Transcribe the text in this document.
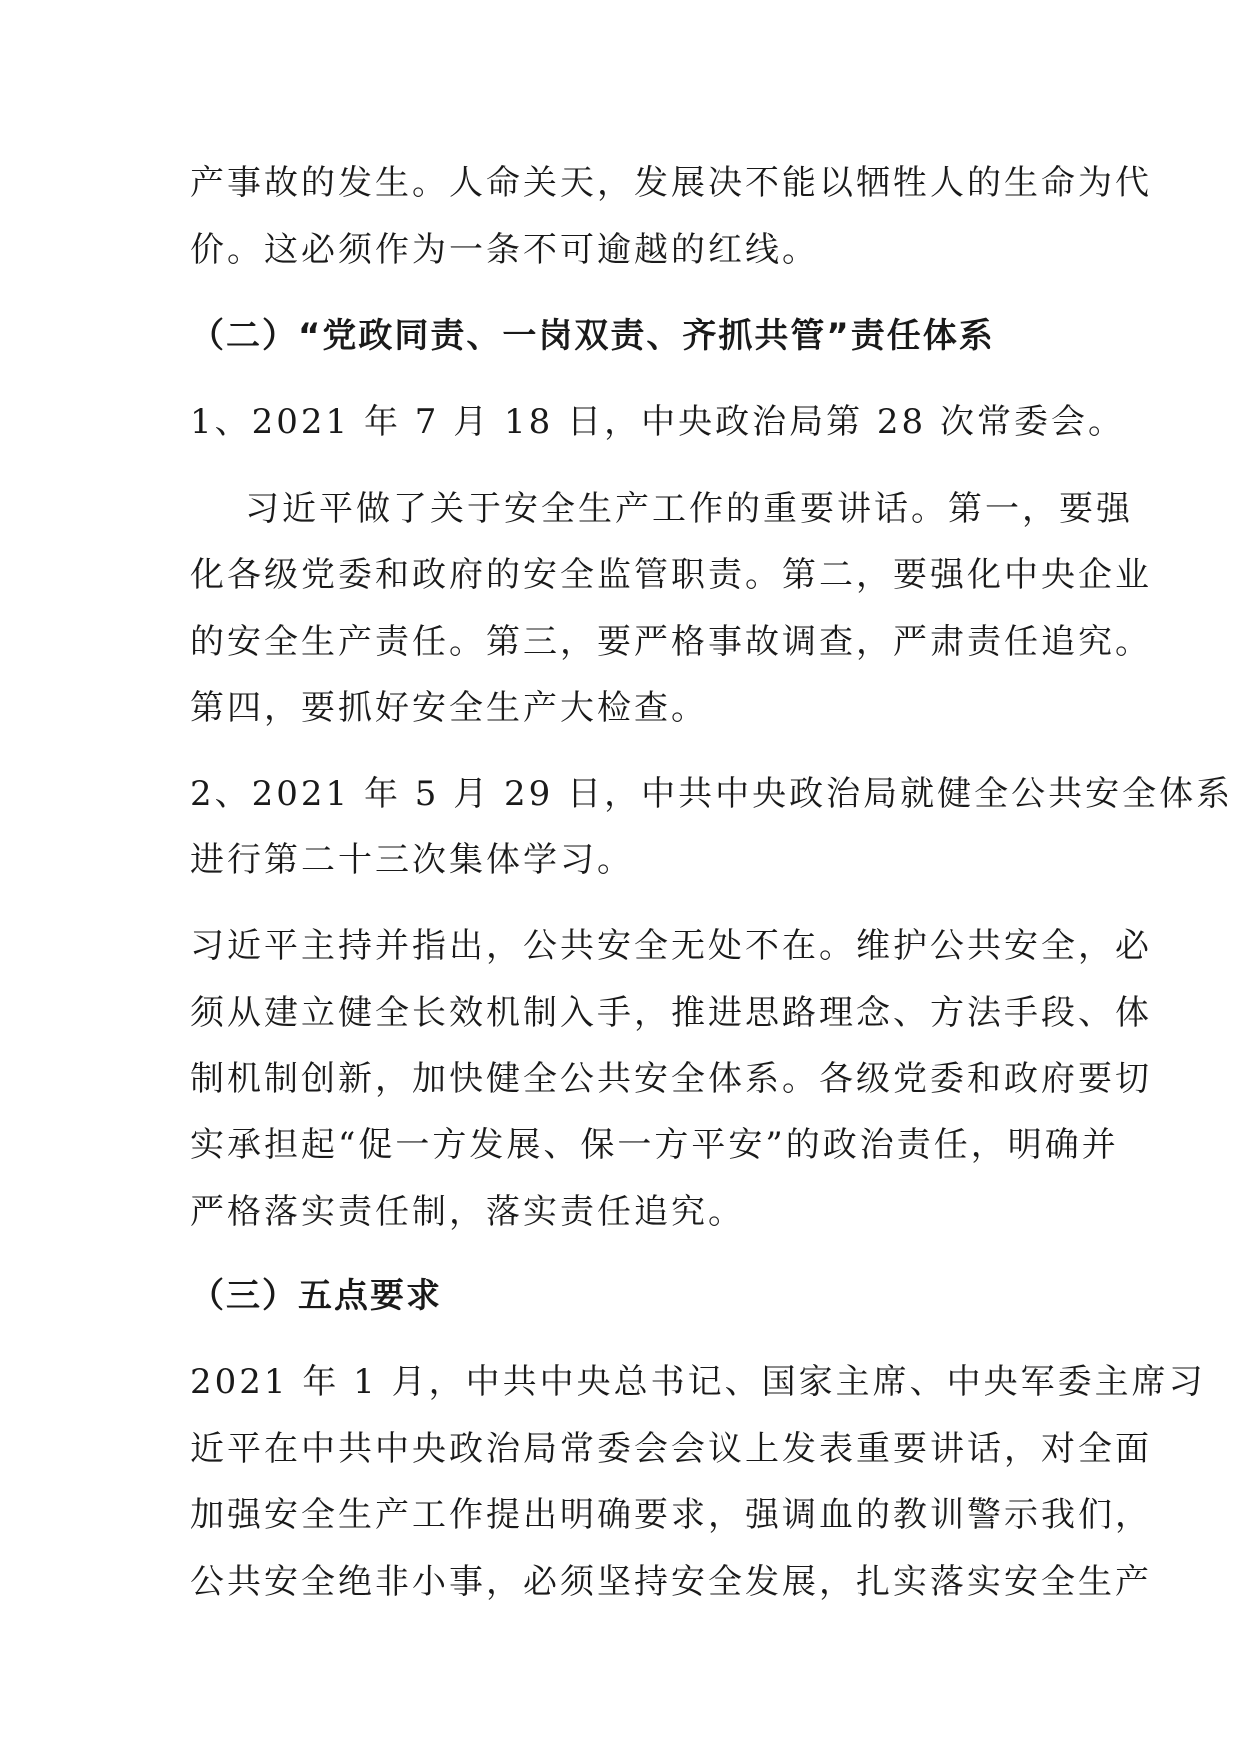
产事故的发生。人命关天，发展决不能以牺牲人的生命为代

价。这必须作为一条不可逾越的红线。

（二）“党政同责、一岗双责、齐抓共管”责任体系

1、2021 年 7 月 18 日，中央政治局第 28 次常委会。

习近平做了关于安全生产工作的重要讲话。第一，要强

化各级党委和政府的安全监管职责。第二，要强化中央企业

的安全生产责任。第三，要严格事故调查，严肃责任追究。

第四，要抓好安全生产大检查。

2、2021 年 5 月 29 日，中共中央政治局就健全公共安全体系

进行第二十三次集体学习。

习近平主持并指出，公共安全无处不在。维护公共安全，必

须从建立健全长效机制入手，推进思路理念、方法手段、体

制机制创新，加快健全公共安全体系。各级党委和政府要切

实承担起“促一方发展、保一方平安”的政治责任，明确并

严格落实责任制，落实责任追究。

（三）五点要求

2021 年 1 月，中共中央总书记、国家主席、中央军委主席习

近平在中共中央政治局常委会会议上发表重要讲话，对全面

加强安全生产工作提出明确要求，强调血的教训警示我们，

公共安全绝非小事，必须坚持安全发展，扎实落实安全生产
